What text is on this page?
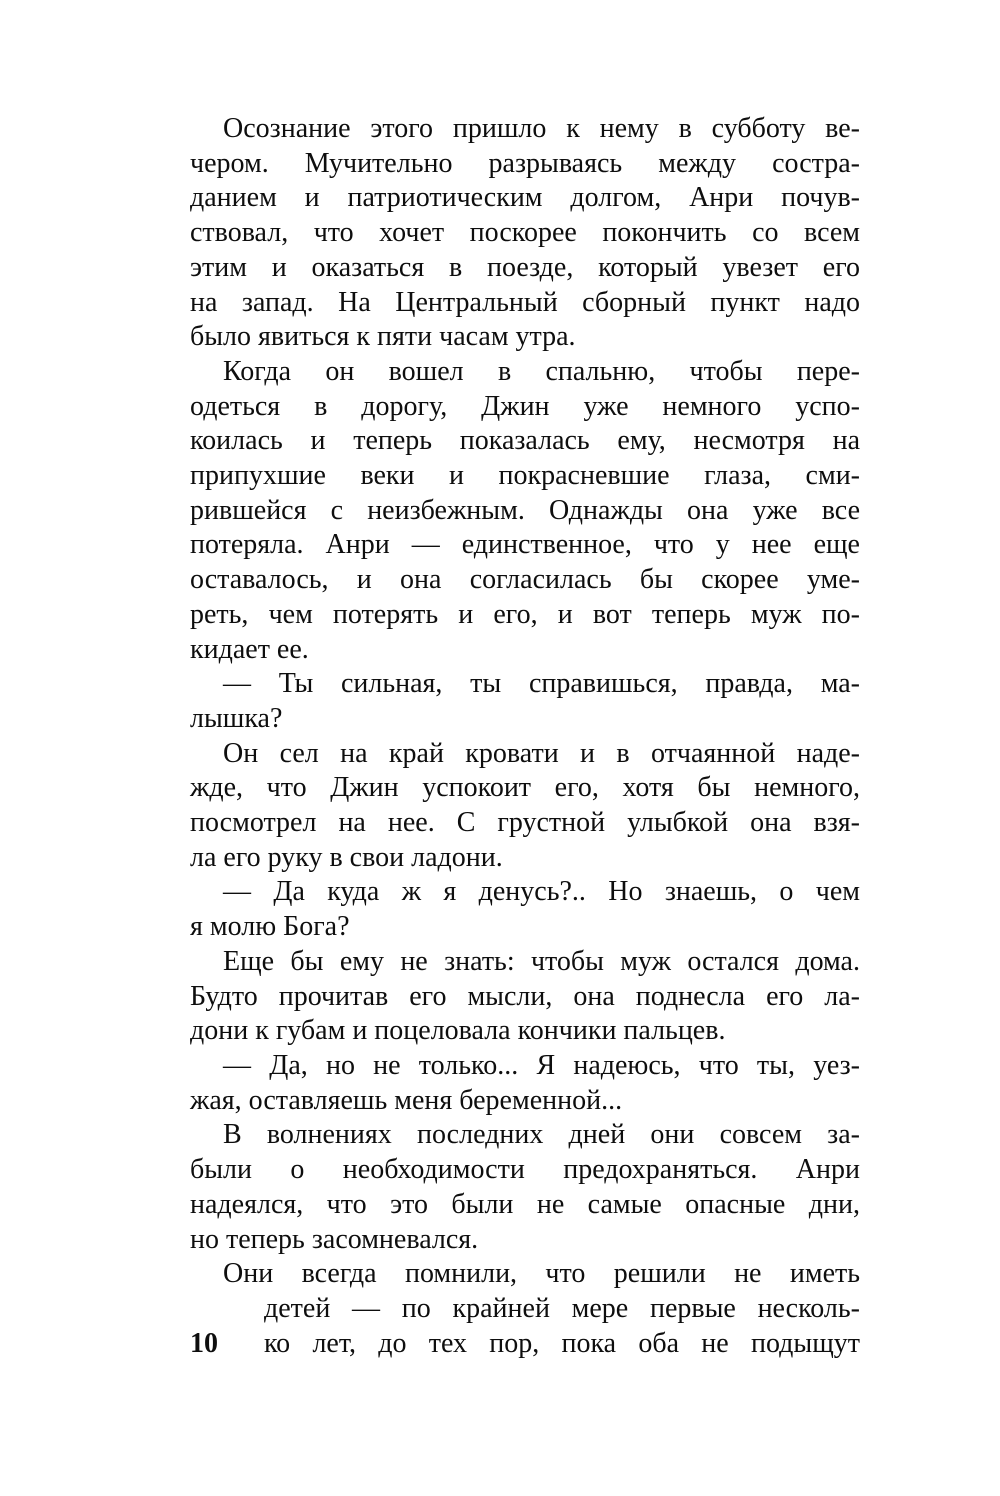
Осознание этого пришло к нему в субботу ве-
чером. Мучительно разрываясь между состра-
данием и патриотическим долгом, Анри почув-
ствовал, что хочет поскорее покончить со всем
этим и оказаться в поезде, который увезет его
на запад. На Центральный сборный пункт надо
было явиться к пяти часам утра.
Когда он вошел в спальню, чтобы пере-
одеться в дорогу, Джин уже немного успо-
коилась и теперь показалась ему, несмотря на
припухшие веки и покрасневшие глаза, сми-
рившейся с неизбежным. Однажды она уже все
потеряла. Анри — единственное, что у нее еще
оставалось, и она согласилась бы скорее уме-
реть, чем потерять и его, и вот теперь муж по-
кидает ее.
— Ты сильная, ты справишься, правда, ма-
лышка?
Он сел на край кровати и в отчаянной наде-
жде, что Джин успокоит его, хотя бы немного,
посмотрел на нее. С грустной улыбкой она взя-
ла его руку в свои ладони.
— Да куда ж я денусь?.. Но знаешь, о чем
я молю Бога?
Еще бы ему не знать: чтобы муж остался дома.
Будто прочитав его мысли, она поднесла его ла-
дони к губам и поцеловала кончики пальцев.
— Да, но не только... Я надеюсь, что ты, уез-
жая, оставляешь меня беременной...
В волнениях последних дней они совсем за-
были о необходимости предохраняться. Анри
надеялся, что это были не самые опасные дни,
но теперь засомневался.
Они всегда помнили, что решили не иметь
детей — по крайней мере первые несколь-
ко лет, до тех пор, пока оба не подыщут
10
